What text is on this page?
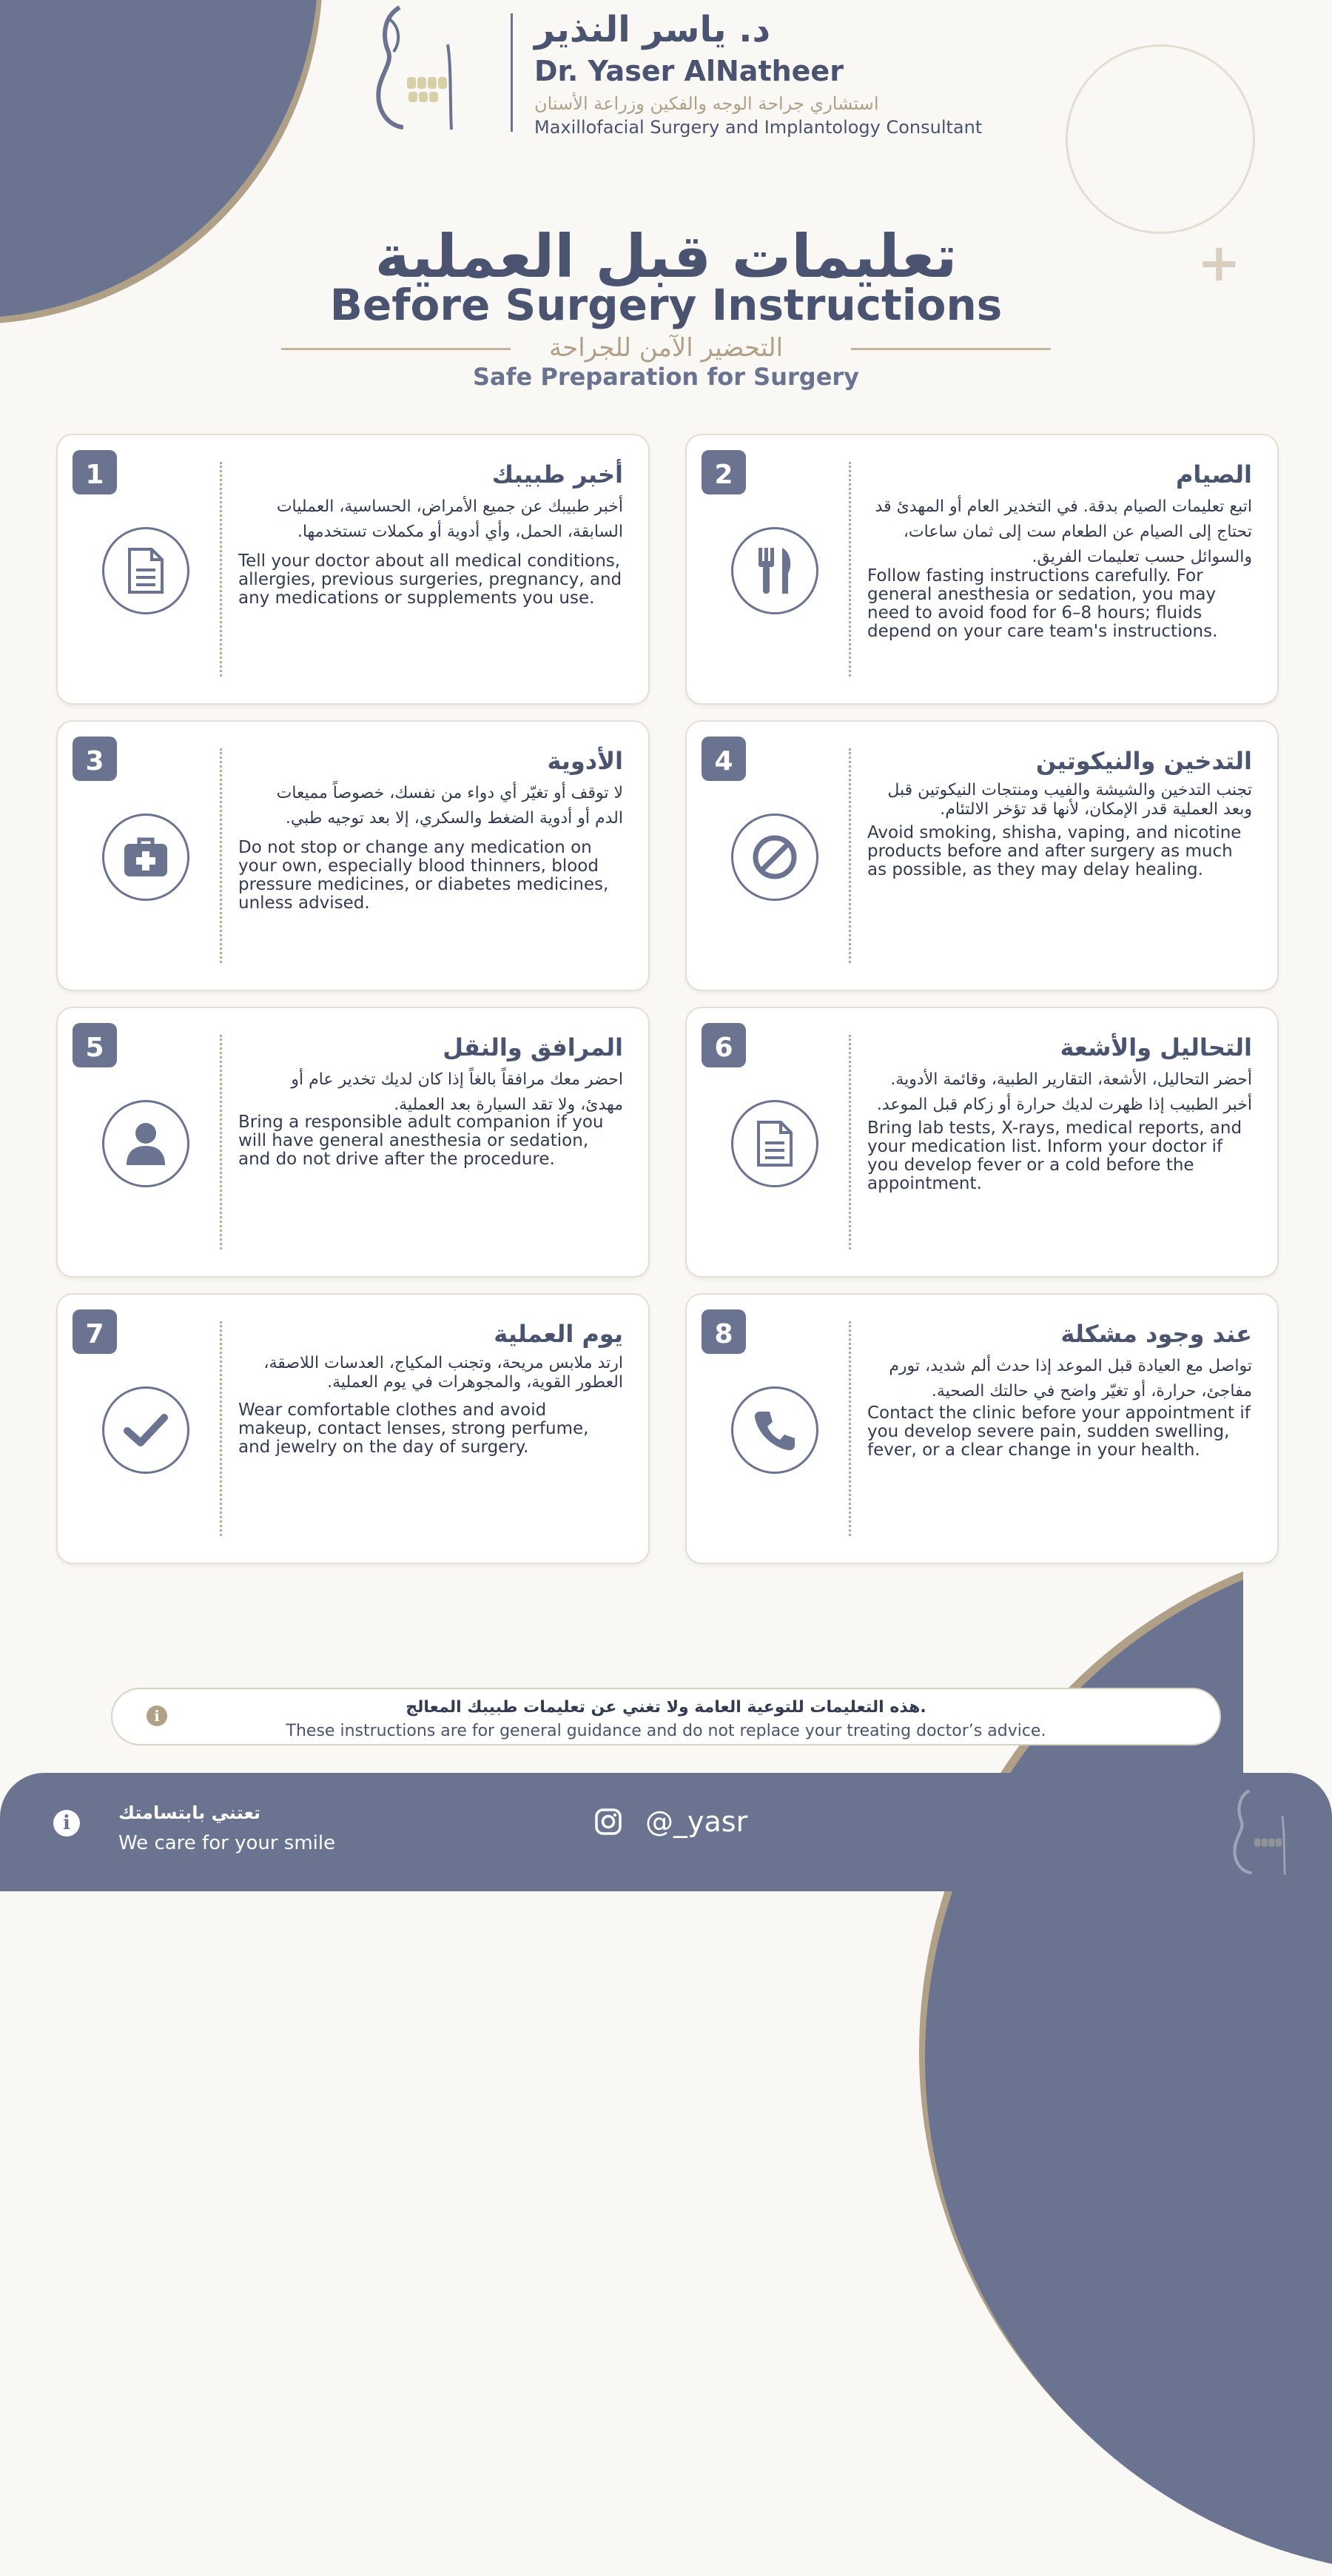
+
د. ياسر النذير
Dr. Yaser AlNatheer
استشاري جراحة الوجه والفكين وزراعة الأسنان
Maxillofacial Surgery and Implantology Consultant
تعليمات قبل العملية
Before Surgery Instructions
التحضير الآمن للجراحة
Safe Preparation for Surgery
1	أخبر طبيبك
أخبر طبيبك عن جميع الأمراض، الحساسية، العمليات السابقة، الحمل، وأي أدوية أو مكملات تستخدمها.
Tell your doctor about all medical conditions, allergies, previous surgeries, pregnancy, and any medications or supplements you use.
2	الصيام
اتبع تعليمات الصيام بدقة. في التخدير العام أو المهدئ قد تحتاج إلى الصيام عن الطعام ست إلى ثمان ساعات، والسوائل حسب تعليمات الفريق.
Follow fasting instructions carefully. For general anesthesia or sedation, you may need to avoid food for 6–8 hours; fluids depend on your care team's instructions.
3	الأدوية
لا توقف أو تغيّر أي دواء من نفسك، خصوصاً مميعات الدم أو أدوية الضغط والسكري، إلا بعد توجيه طبي.
Do not stop or change any medication on your own, especially blood thinners, blood pressure medicines, or diabetes medicines, unless advised.
4	التدخين والنيكوتين
تجنب التدخين والشيشة والفيب ومنتجات النيكوتين قبل وبعد العملية قدر الإمكان، لأنها قد تؤخر الالتئام.
Avoid smoking, shisha, vaping, and nicotine products before and after surgery as much as possible, as they may delay healing.
5	المرافق والنقل
احضر معك مرافقاً بالغاً إذا كان لديك تخدير عام أو مهدئ، ولا تقد السيارة بعد العملية.
Bring a responsible adult companion if you will have general anesthesia or sedation, and do not drive after the procedure.
6	التحاليل والأشعة
أحضر التحاليل، الأشعة، التقارير الطبية، وقائمة الأدوية. أخبر الطبيب إذا ظهرت لديك حرارة أو زكام قبل الموعد.
Bring lab tests, X-rays, medical reports, and your medication list. Inform your doctor if you develop fever or a cold before the appointment.
7	يوم العملية
ارتد ملابس مريحة، وتجنب المكياج، العدسات اللاصقة، العطور القوية، والمجوهرات في يوم العملية.
Wear comfortable clothes and avoid makeup, contact lenses, strong perfume, and jewelry on the day of surgery.
8	عند وجود مشكلة
تواصل مع العيادة قبل الموعد إذا حدث ألم شديد، تورم مفاجئ، حرارة، أو تغيّر واضح في حالتك الصحية.
Contact the clinic before your appointment if you develop severe pain, sudden swelling, fever, or a clear change in your health.
i	هذه التعليمات للتوعية العامة ولا تغني عن تعليمات طبيبك المعالج.
These instructions are for general guidance and do not replace your treating doctor’s advice.
i	تعتني بابتسامتك
We care for your smile
@_yasr
